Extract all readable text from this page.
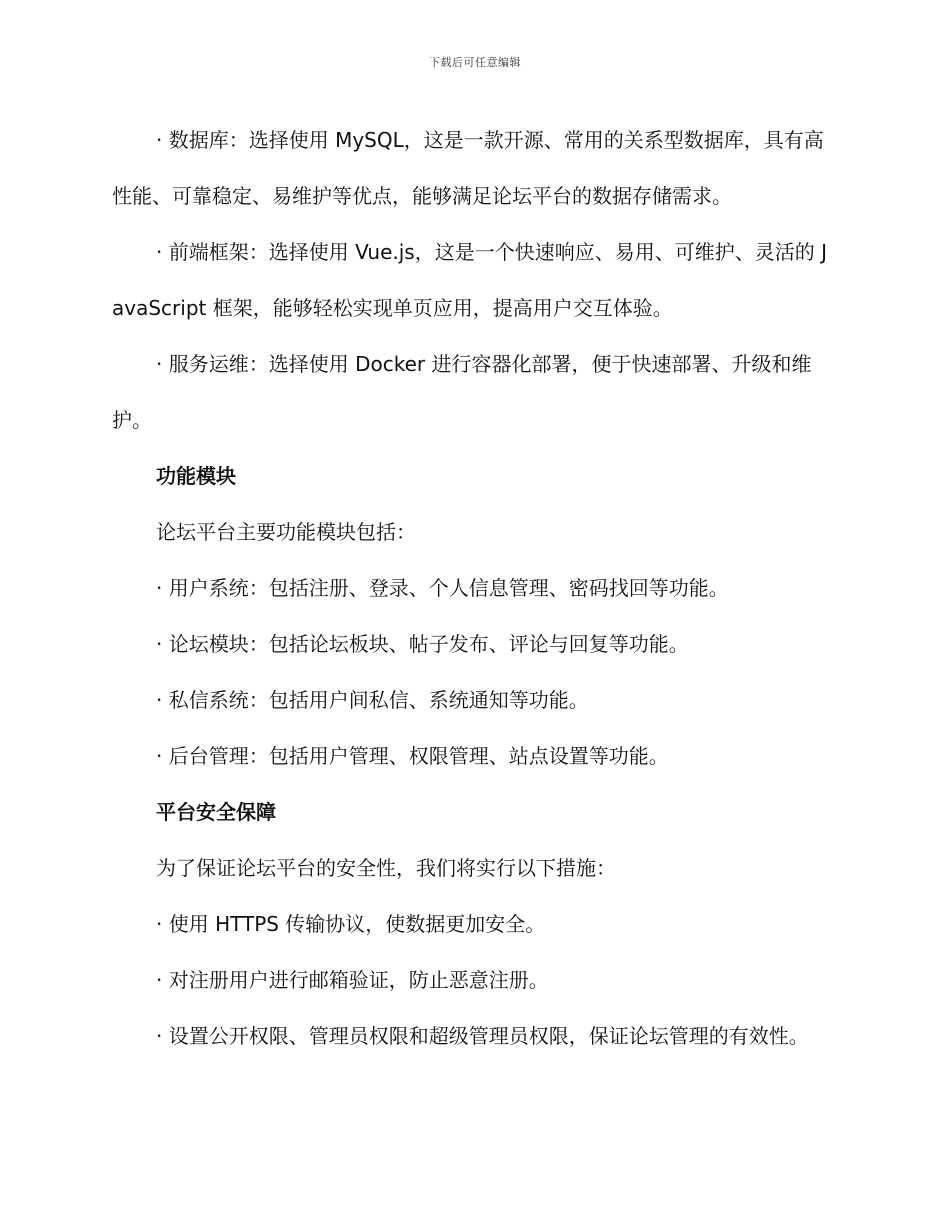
下载后可任意编辑

· 数据库：选择使用 MySQL，这是一款开源、常用的关系型数据库，具有高性能、可靠稳定、易维护等优点，能够满足论坛平台的数据存储需求。

· 前端框架：选择使用 Vue.js，这是一个快速响应、易用、可维护、灵活的 JavaScript 框架，能够轻松实现单页应用，提高用户交互体验。

· 服务运维：选择使用 Docker 进行容器化部署，便于快速部署、升级和维护。

功能模块

论坛平台主要功能模块包括：

· 用户系统：包括注册、登录、个人信息管理、密码找回等功能。

· 论坛模块：包括论坛板块、帖子发布、评论与回复等功能。

· 私信系统：包括用户间私信、系统通知等功能。

· 后台管理：包括用户管理、权限管理、站点设置等功能。

平台安全保障

为了保证论坛平台的安全性，我们将实行以下措施：

· 使用 HTTPS 传输协议，使数据更加安全。

· 对注册用户进行邮箱验证，防止恶意注册。

· 设置公开权限、管理员权限和超级管理员权限，保证论坛管理的有效性。
